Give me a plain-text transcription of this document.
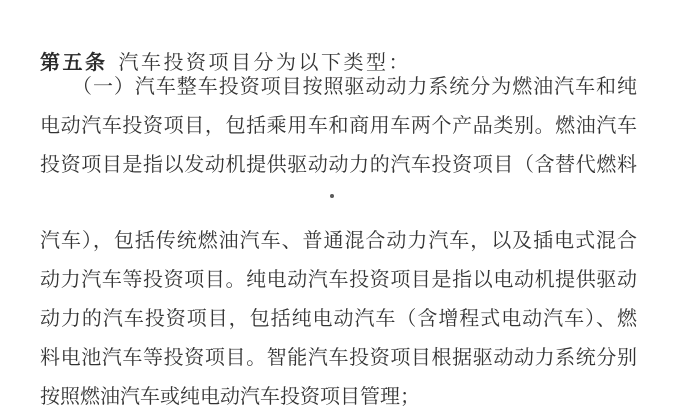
第五条 汽车投资项目分为以下类型：

（一）汽车整车投资项目按照驱动动力系统分为燃油汽车和纯

电动汽车投资项目，包括乘用车和商用车两个产品类别。燃油汽车

投资项目是指以发动机提供驱动动力的汽车投资项目（含替代燃料

汽车），包括传统燃油汽车、普通混合动力汽车，以及插电式混合

动力汽车等投资项目。纯电动汽车投资项目是指以电动机提供驱动

动力的汽车投资项目，包括纯电动汽车（含增程式电动汽车）、燃

料电池汽车等投资项目。智能汽车投资项目根据驱动动力系统分别

按照燃油汽车或纯电动汽车投资项目管理；
